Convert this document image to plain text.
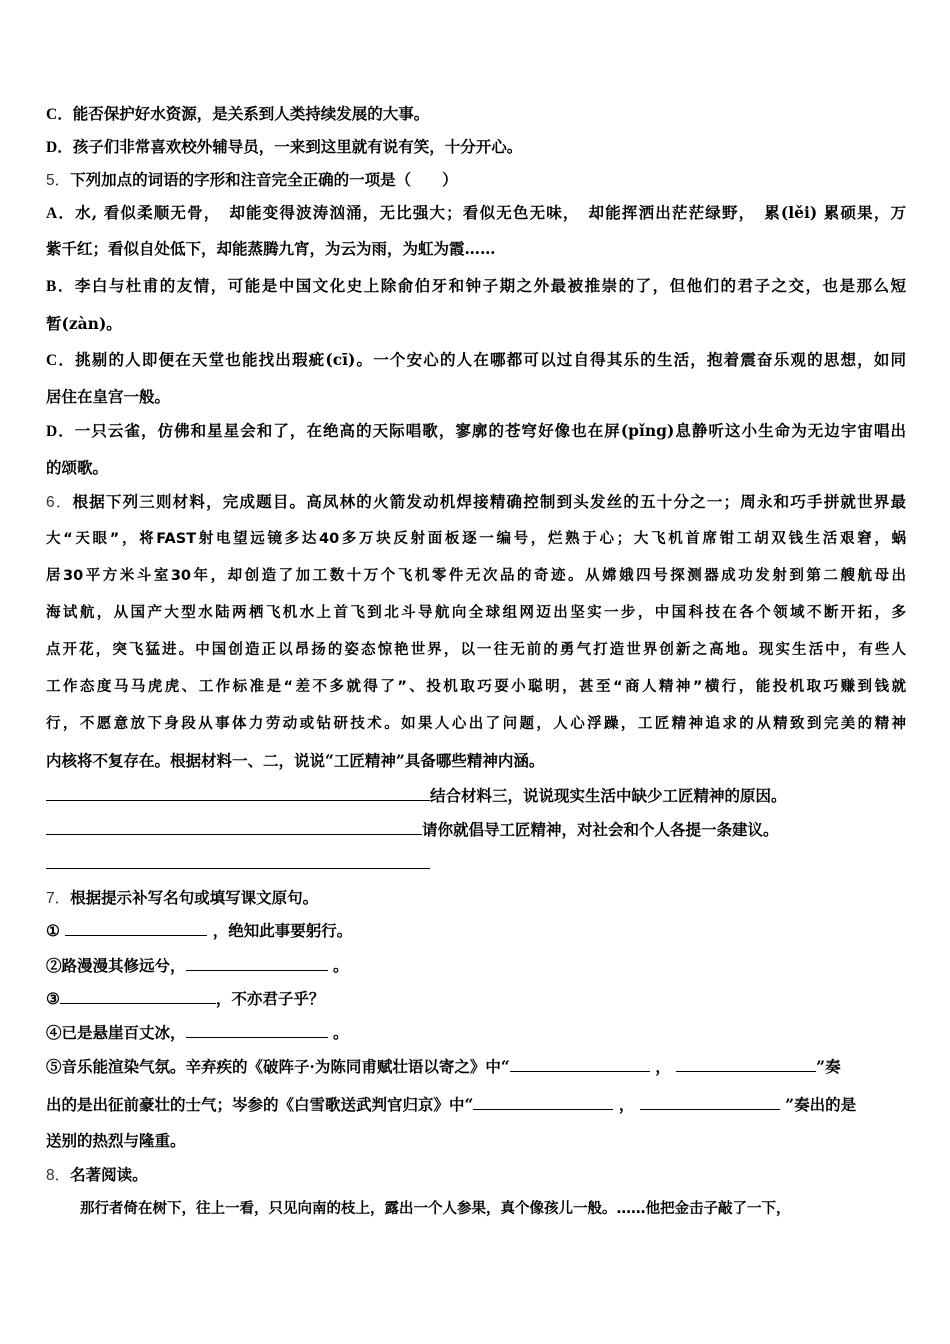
C．能否保护好水资源，是关系到人类持续发展的大事。
D．孩子们非常喜欢校外辅导员，一来到这里就有说有笑，十分开心。
5．下列加点的词语的字形和注音完全正确的一项是（　　）
A．水, 看似柔顺无骨，　却能变得波涛汹涌，无比强大；看似无色无味，　却能挥洒出茫茫绿野，　累(lěi) 累硕果，万
紫千红；看似自处低下，却能蒸腾九宵，为云为雨，为虹为霞……
B．李白与杜甫的友情，可能是中国文化史上除俞伯牙和钟子期之外最被推崇的了，但他们的君子之交，也是那么短
暂(zàn)。
C．挑剔的人即便在天堂也能找出瑕疵(cī)。一个安心的人在哪都可以过自得其乐的生活，抱着震奋乐观的思想，如同
居住在皇宫一般。
D．一只云雀，仿佛和星星会和了，在绝高的天际唱歌，寥廓的苍穹好像也在屏(pǐng)息静听这小生命为无边宇宙唱出
的颂歌。
6．根据下列三则材料，完成题目。高凤林的火箭发动机焊接精确控制到头发丝的五十分之一；周永和巧手拼就世界最
大“天眼”，将FAST射电望远镜多达40多万块反射面板逐一编号，烂熟于心；大飞机首席钳工胡双钱生活艰窘，蜗
居30平方米斗室30年，却创造了加工数十万个飞机零件无次品的奇迹。从嫦娥四号探测器成功发射到第二艘航母出
海试航，从国产大型水陆两栖飞机水上首飞到北斗导航向全球组网迈出坚实一步，中国科技在各个领域不断开拓，多
点开花，突飞猛进。中国创造正以昂扬的姿态惊艳世界，以一往无前的勇气打造世界创新之高地。现实生活中，有些人
工作态度马马虎虎、工作标准是“差不多就得了”、投机取巧耍小聪明，甚至“商人精神”横行，能投机取巧赚到钱就
行，不愿意放下身段从事体力劳动或钻研技术。如果人心出了问题，人心浮躁，工匠精神追求的从精致到完美的精神
内核将不复存在。根据材料一、二，说说“工匠精神”具备哪些精神内涵。
结合材料三，说说现实生活中缺少工匠精神的原因。
请你就倡导工匠精神，对社会和个人各提一条建议。
7．根据提示补写名句或填写课文原句。
①	，绝知此事要躬行。
②路漫漫其修远兮，	。
③	，不亦君子乎？
④已是悬崖百丈冰，	。
⑤音乐能渲染气氛。辛弃疾的《破阵子·为陈同甫赋壮语以寄之》中“	，	”奏
出的是出征前豪壮的士气；岑参的《白雪歌送武判官归京》中“	，	”奏出的是
送别的热烈与隆重。
8．名著阅读。
那行者倚在树下，往上一看，只见向南的枝上，露出一个人参果，真个像孩儿一般。……他把金击子敲了一下，
